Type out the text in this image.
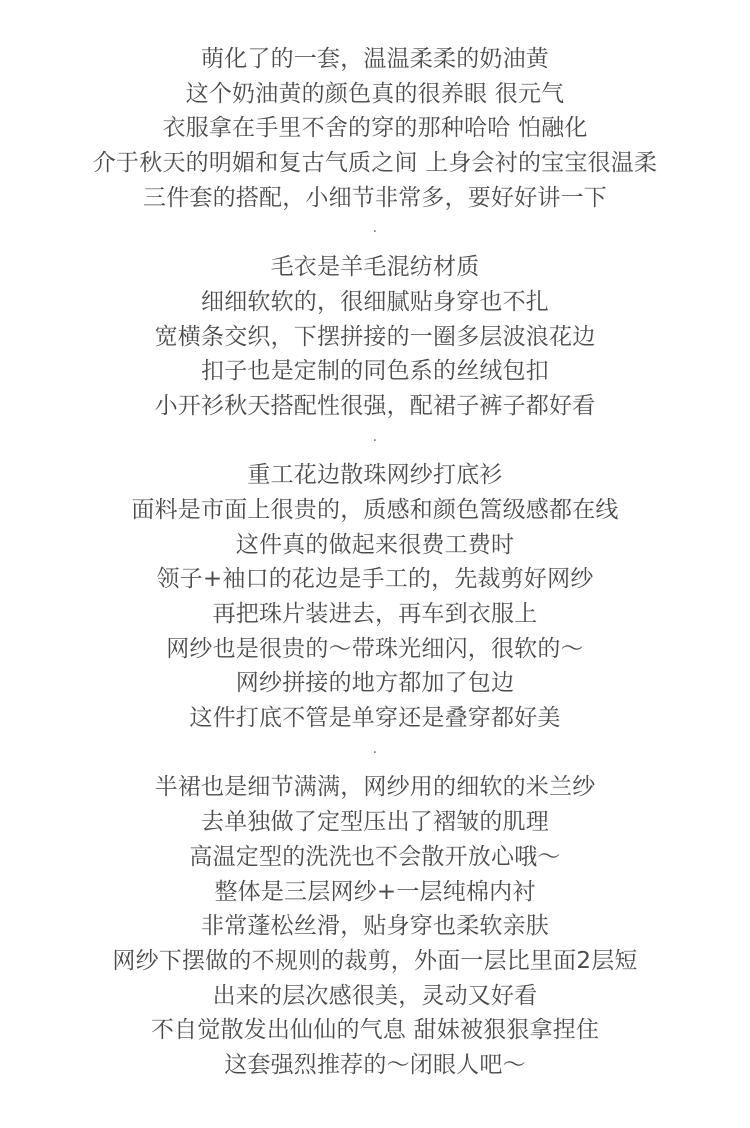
萌化了的一套，温温柔柔的奶油黄
这个奶油黄的颜色真的很养眼 很元气
衣服拿在手里不舍的穿的那种哈哈 怕融化
介于秋天的明媚和复古气质之间 上身会衬的宝宝很温柔
三件套的搭配，小细节非常多，要好好讲一下
·
毛衣是羊毛混纺材质
细细软软的，很细腻贴身穿也不扎
宽横条交织，下摆拼接的一圈多层波浪花边
扣子也是定制的同色系的丝绒包扣
小开衫秋天搭配性很强，配裙子裤子都好看
·
重工花边散珠网纱打底衫
面料是市面上很贵的，质感和颜色篙级感都在线
这件真的做起来很费工费时
领子+袖口的花边是手工的，先裁剪好网纱
再把珠片装进去，再车到衣服上
网纱也是很贵的～带珠光细闪，很软的～
网纱拼接的地方都加了包边
这件打底不管是单穿还是叠穿都好美
·
半裙也是细节满满，网纱用的细软的米兰纱
去单独做了定型压出了褶皱的肌理
高温定型的洗洗也不会散开放心哦～
整体是三层网纱+一层纯棉内衬
非常蓬松丝滑，贴身穿也柔软亲肤
网纱下摆做的不规则的裁剪，外面一层比里面2层短
出来的层次感很美，灵动又好看
不自觉散发出仙仙的气息 甜妹被狠狠拿捏住
这套强烈推荐的～闭眼人吧～
